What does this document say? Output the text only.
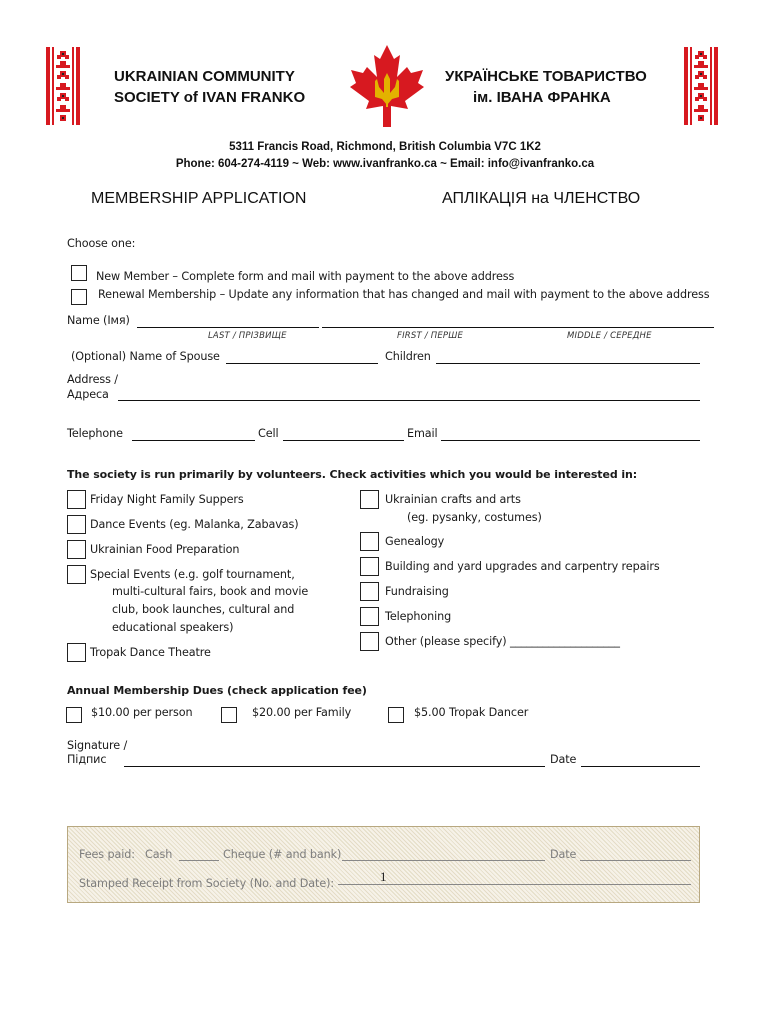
UKRAINIAN COMMUNITY
SOCIETY of IVAN FRANKO
УКРАЇНСЬКЕ ТОВАРИСТВО
ім. ІВАНА ФРАНКА
5311 Francis Road, Richmond, British Columbia V7C 1K2
Phone: 604-274-4119 ~ Web: www.ivanfranko.ca ~ Email: info@ivanfranko.ca
MEMBERSHIP APPLICATION	АПЛІКАЦІЯ на ЧЛЕНСТВО
Choose one:
New Member – Complete form and mail with payment to the above address
Renewal Membership – Update any information that has changed and mail with payment to the above address
Name (Імя)
LAST / ПРІЗВИЩЕ	FIRST / ПЕРШЕ	MIDDLE / СЕРЕДНЕ
(Optional) Name of Spouse	Children
Address /
Адреса
Telephone	Cell	Email
The society is run primarily by volunteers. Check activities which you would be interested in:
Friday Night Family Suppers
Dance Events (eg. Malanka, Zabavas)
Ukrainian Food Preparation
Special Events (e.g. golf tournament,
multi-cultural fairs, book and movie
club, book launches, cultural and
educational speakers)
Tropak Dance Theatre
Ukrainian crafts and arts
(eg. pysanky, costumes)
Genealogy
Building and yard upgrades and carpentry repairs
Fundraising
Telephoning
Other (please specify) ____________________
Annual Membership Dues (check application fee)
$10.00 per person	$20.00 per Family	$5.00 Tropak Dancer
Signature /
Підпис	Date
Fees paid: Cash	Cheque (# and bank)	Date
Stamped Receipt from Society (No. and Date):	1
